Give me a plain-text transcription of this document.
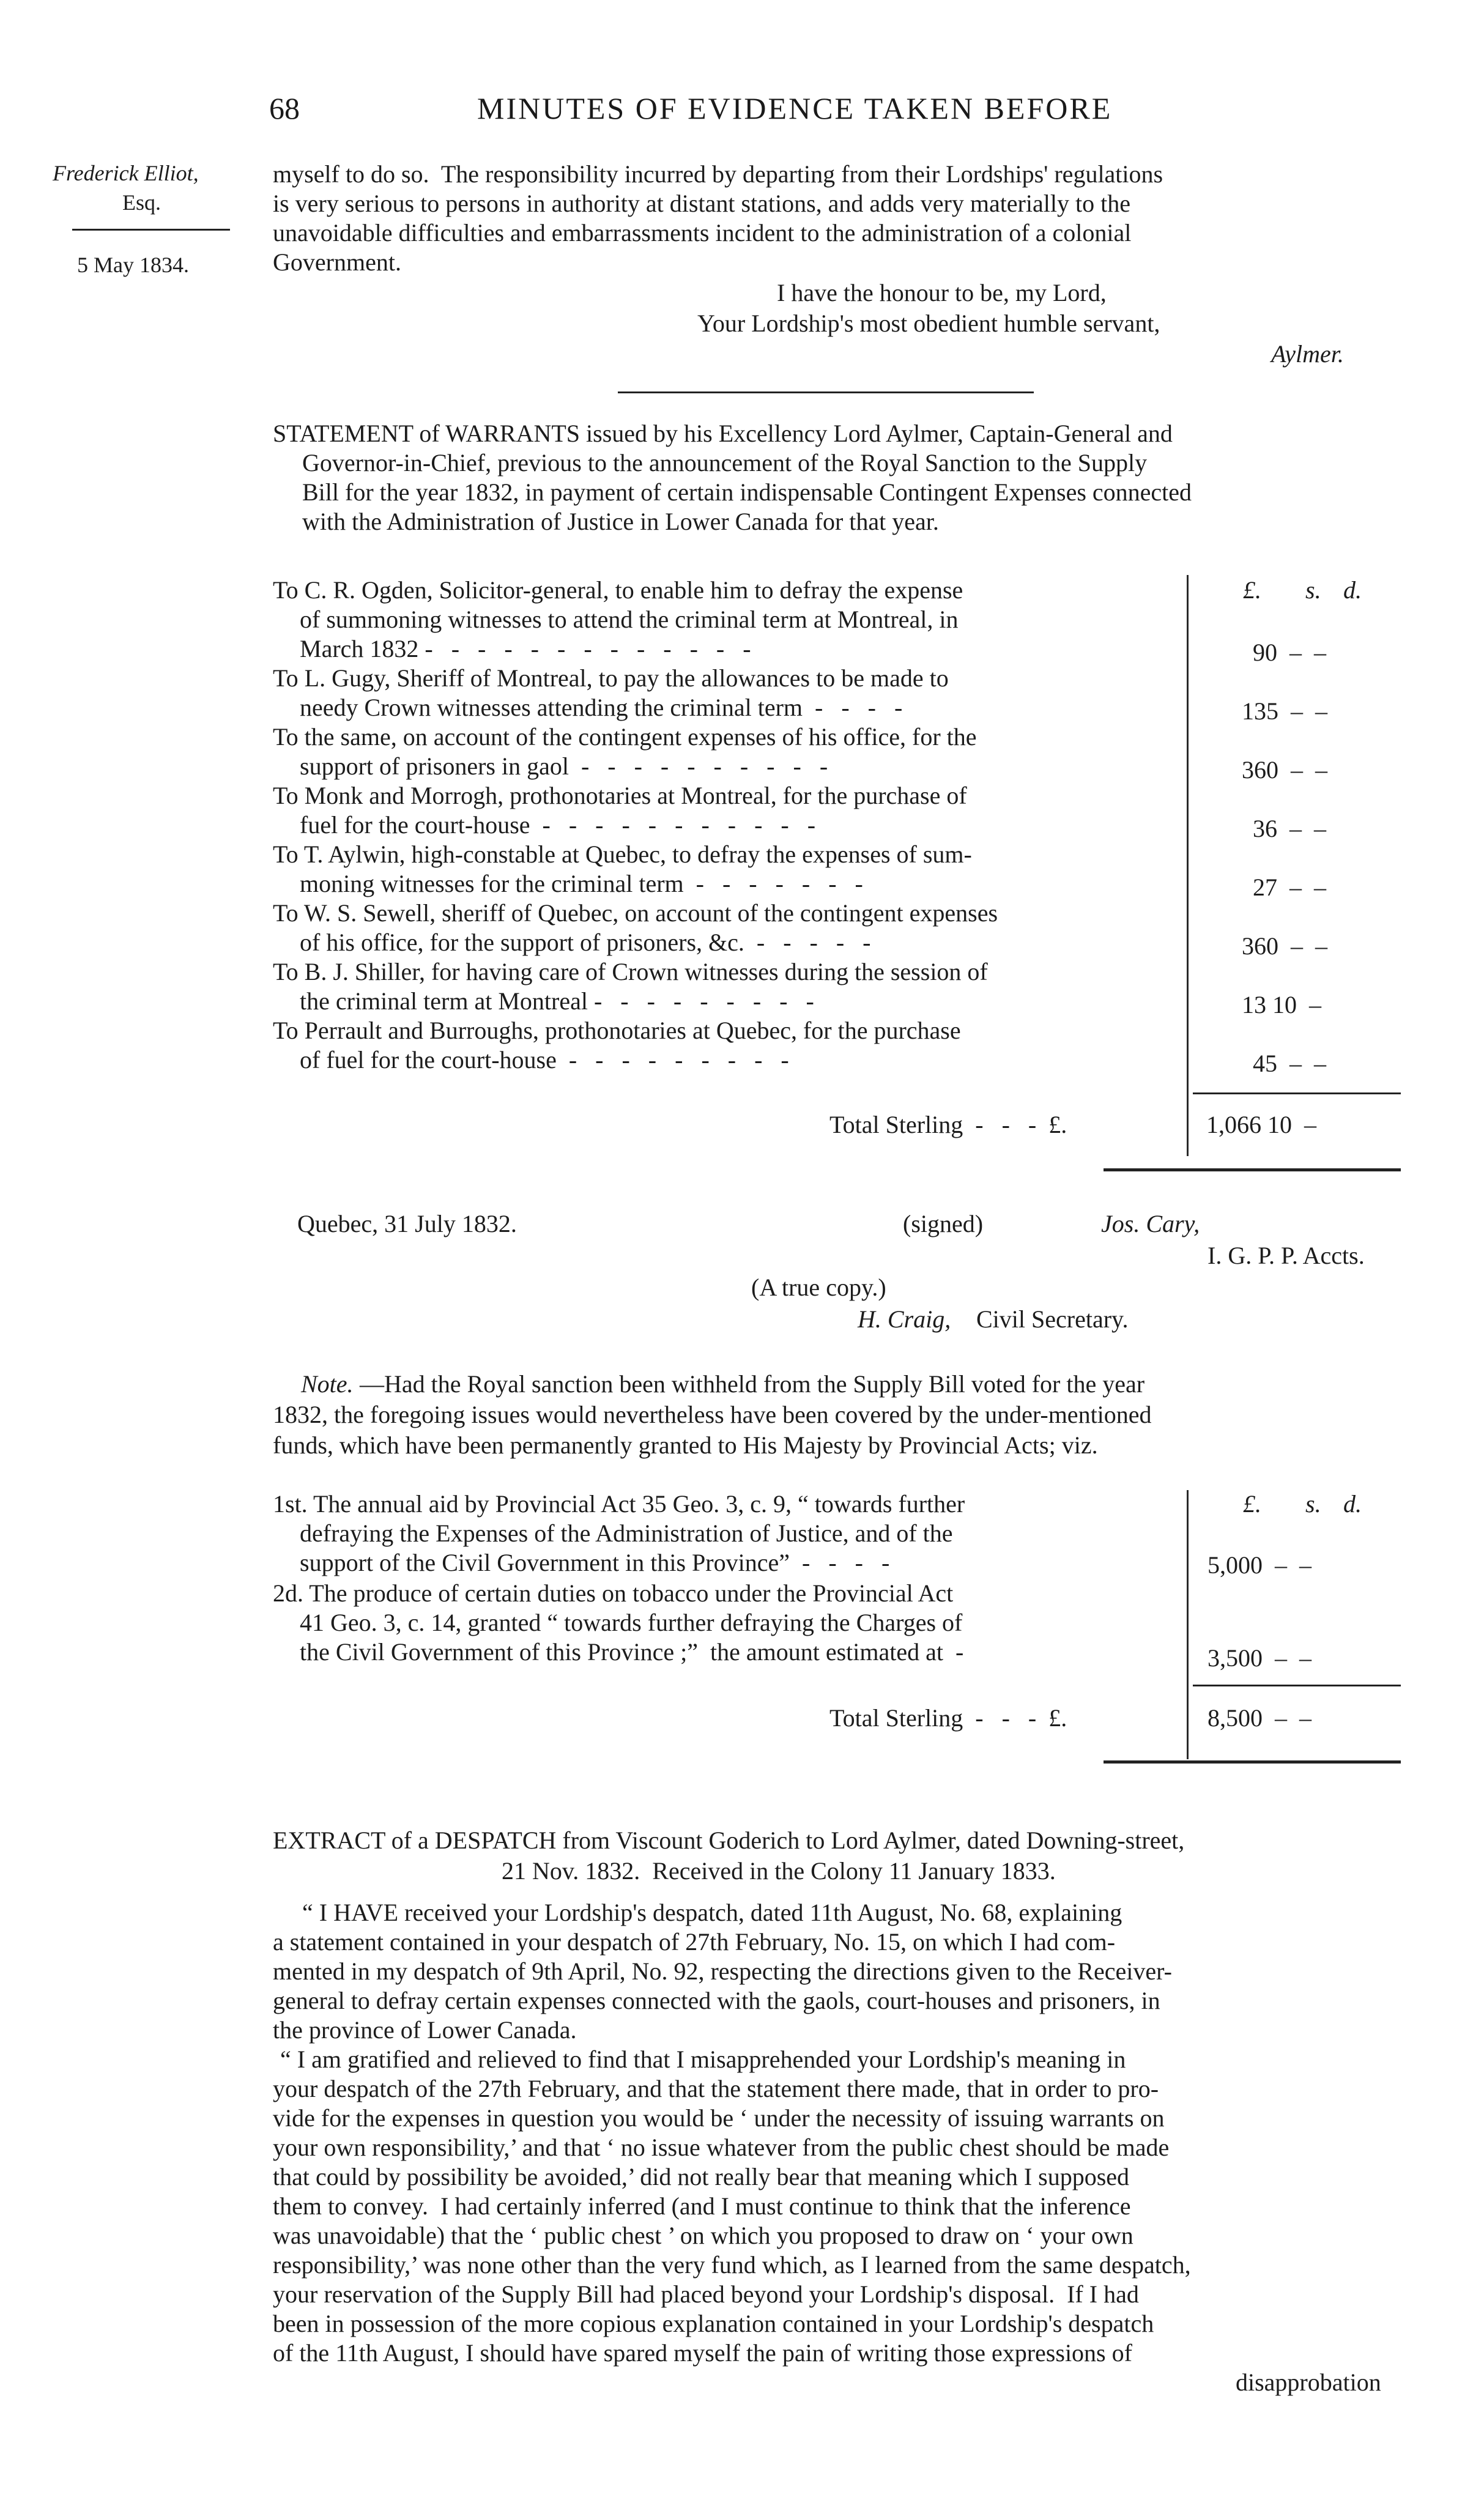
68	MINUTES OF EVIDENCE TAKEN BEFORE
Frederick Elliot,
Esq.
5 May 1834.
myself to do so.  The responsibility incurred by departing from their Lordships' regulations
is very serious to persons in authority at distant stations, and adds very materially to the
unavoidable difficulties and embarrassments incident to the administration of a colonial
Government.
I have the honour to be, my Lord,
Your Lordship's most obedient humble servant,
Aylmer.
STATEMENT of WARRANTS issued by his Excellency Lord Aylmer, Captain-General and
Governor-in-Chief, previous to the announcement of the Royal Sanction to the Supply
Bill for the year 1832, in payment of certain indispensable Contingent Expenses connected
with the Administration of Justice in Lower Canada for that year.
£. s. d.
To C. R. Ogden, Solicitor-general, to enable him to defray the expense
of summoning witnesses to attend the criminal term at Montreal, in
March 1832 -   -   -   -   -   -   -   -   -   -   -   -   -	90  –  –
To L. Gugy, Sheriff of Montreal, to pay the allowances to be made to
needy Crown witnesses attending the criminal term  -   -   -   -	135  –  –
To the same, on account of the contingent expenses of his office, for the
support of prisoners in gaol  -   -   -   -   -   -   -   -   -   -	360  –  –
To Monk and Morrogh, prothonotaries at Montreal, for the purchase of
fuel for the court-house  -   -   -   -   -   -   -   -   -   -   -	36  –  –
To T. Aylwin, high-constable at Quebec, to defray the expenses of sum-
moning witnesses for the criminal term  -   -   -   -   -   -   -	27  –  –
To W. S. Sewell, sheriff of Quebec, on account of the contingent expenses
of his office, for the support of prisoners, &c.  -   -   -   -   -	360  –  –
To B. J. Shiller, for having care of Crown witnesses during the session of
the criminal term at Montreal -   -   -   -   -   -   -   -   -	13 10  –
To Perrault and Burroughs, prothonotaries at Quebec, for the purchase
of fuel for the court-house  -   -   -   -   -   -   -   -   -	45  –  –
Total Sterling  -   -   -  £.	1,066 10  –
Quebec, 31 July 1832.	(signed)	Jos. Cary,
I. G. P. P. Accts.
(A true copy.)
H. Craig, Civil Secretary.
Note. —Had the Royal sanction been withheld from the Supply Bill voted for the year
1832, the foregoing issues would nevertheless have been covered by the under-mentioned
funds, which have been permanently granted to His Majesty by Provincial Acts; viz.
£. s. d.
1st. The annual aid by Provincial Act 35 Geo. 3, c. 9, “ towards further
defraying the Expenses of the Administration of Justice, and of the
support of the Civil Government in this Province”  -   -   -   -	5,000  –  –
2d. The produce of certain duties on tobacco under the Provincial Act
41 Geo. 3, c. 14, granted “ towards further defraying the Charges of
the Civil Government of this Province ;”  the amount estimated at  -	3,500  –  –
Total Sterling  -   -   -  £.	8,500  –  –
EXTRACT of a DESPATCH from Viscount Goderich to Lord Aylmer, dated Downing-street,
21 Nov. 1832.  Received in the Colony 11 January 1833.
“ I HAVE received your Lordship's despatch, dated 11th August, No. 68, explaining
a statement contained in your despatch of 27th February, No. 15, on which I had com-
mented in my despatch of 9th April, No. 92, respecting the directions given to the Receiver-
general to defray certain expenses connected with the gaols, court-houses and prisoners, in
the province of Lower Canada.
“ I am gratified and relieved to find that I misapprehended your Lordship's meaning in
your despatch of the 27th February, and that the statement there made, that in order to pro-
vide for the expenses in question you would be ‘ under the necessity of issuing warrants on
your own responsibility,’ and that ‘ no issue whatever from the public chest should be made
that could by possibility be avoided,’ did not really bear that meaning which I supposed
them to convey.  I had certainly inferred (and I must continue to think that the inference
was unavoidable) that the ‘ public chest ’ on which you proposed to draw on ‘ your own
responsibility,’ was none other than the very fund which, as I learned from the same despatch,
your reservation of the Supply Bill had placed beyond your Lordship's disposal.  If I had
been in possession of the more copious explanation contained in your Lordship's despatch
of the 11th August, I should have spared myself the pain of writing those expressions of
disapprobation
